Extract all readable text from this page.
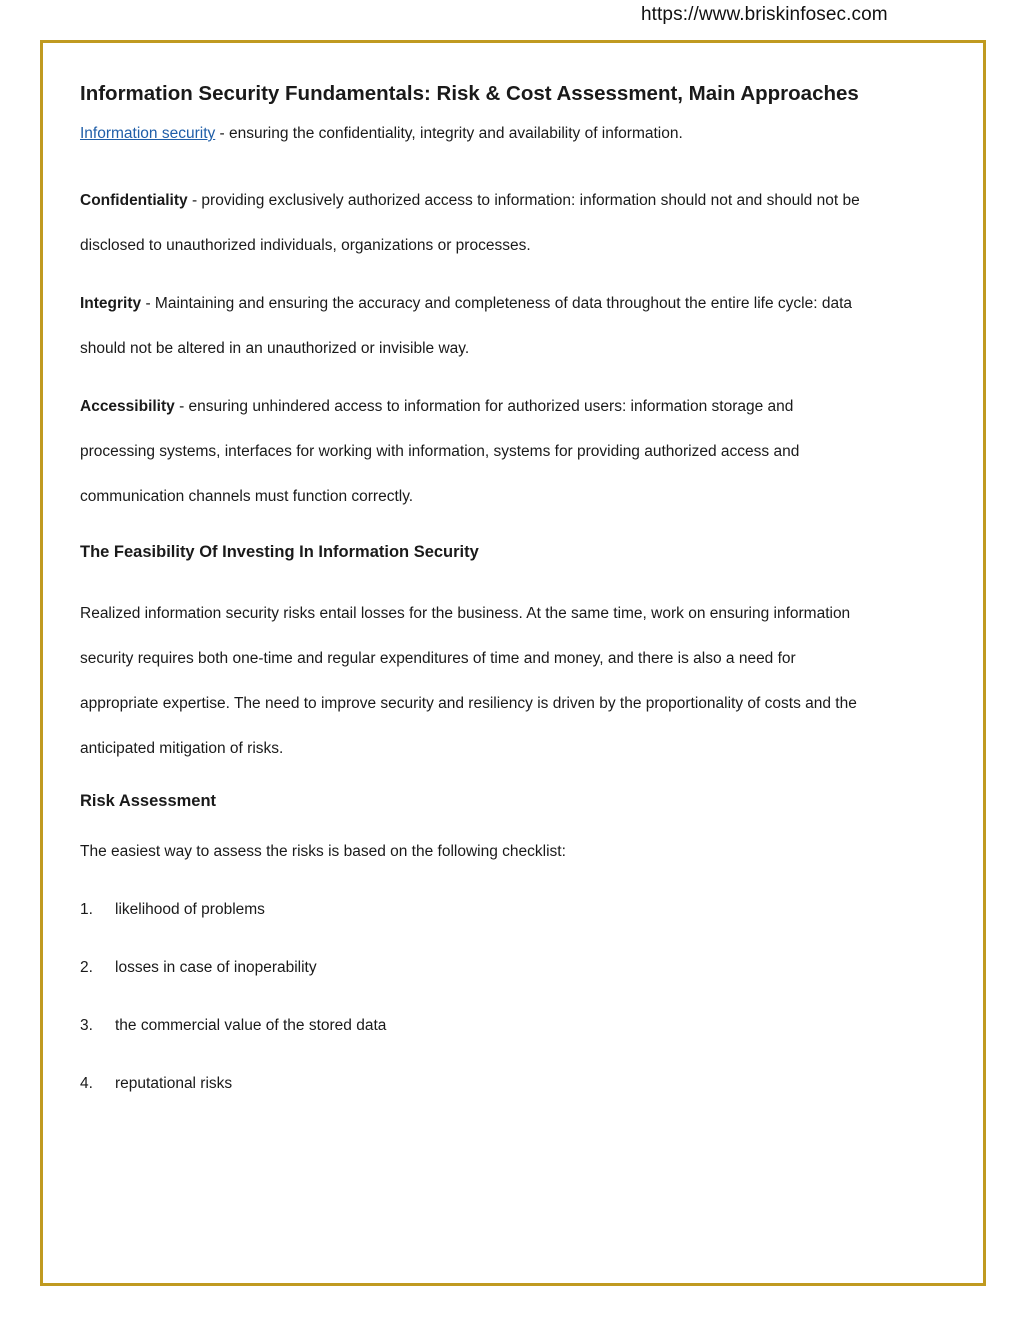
https://www.briskinfosec.com
Information Security Fundamentals: Risk & Cost Assessment, Main Approaches

Information security - ensuring the confidentiality, integrity and availability of information.

Confidentiality - providing exclusively authorized access to information: information should not and should not be disclosed to unauthorized individuals, organizations or processes.

Integrity - Maintaining and ensuring the accuracy and completeness of data throughout the entire life cycle: data should not be altered in an unauthorized or invisible way.

Accessibility - ensuring unhindered access to information for authorized users: information storage and processing systems, interfaces for working with information, systems for providing authorized access and communication channels must function correctly.

The Feasibility Of Investing In Information Security

Realized information security risks entail losses for the business. At the same time, work on ensuring information security requires both one-time and regular expenditures of time and money, and there is also a need for appropriate expertise. The need to improve security and resiliency is driven by the proportionality of costs and the anticipated mitigation of risks.

Risk Assessment

The easiest way to assess the risks is based on the following checklist:

1.	likelihood of problems
2.	losses in case of inoperability
3.	the commercial value of the stored data
4.	reputational risks
